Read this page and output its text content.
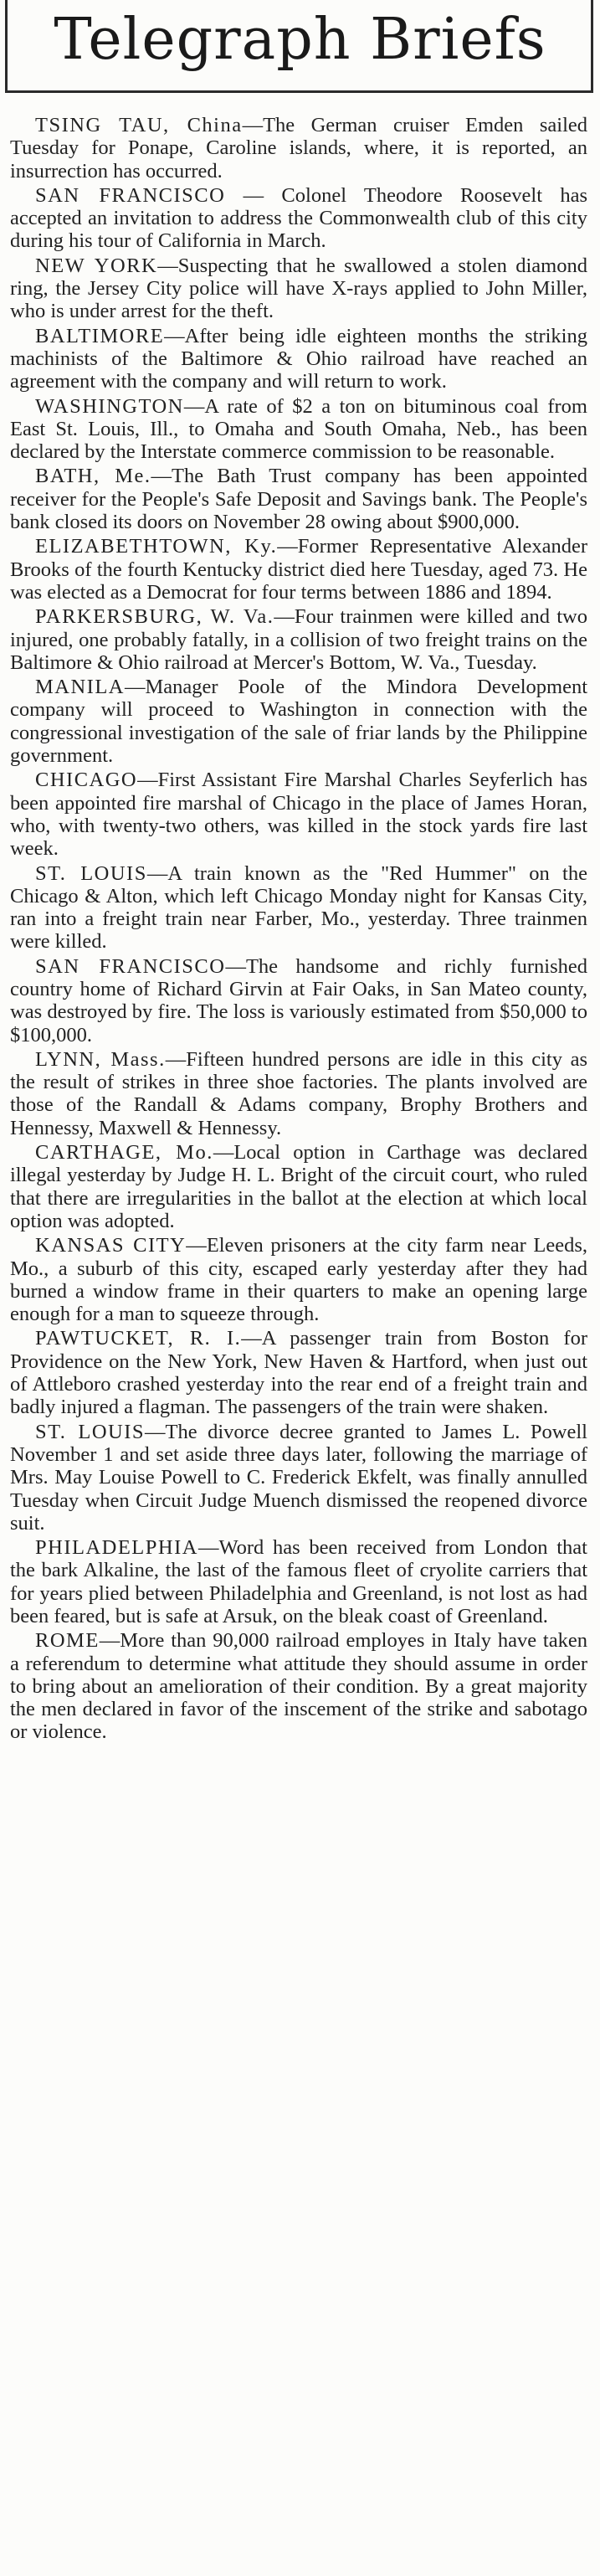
Telegraph Briefs

TSING TAU, China—The German cruiser Emden sailed Tuesday for Ponape, Caroline islands, where, it is reported, an insurrection has occurred.

SAN FRANCISCO — Colonel Theodore Roosevelt has accepted an invitation to address the Commonwealth club of this city during his tour of California in March.

NEW YORK—Suspecting that he swallowed a stolen diamond ring, the Jersey City police will have X-rays applied to John Miller, who is under arrest for the theft.

BALTIMORE—After being idle eighteen months the striking machinists of the Baltimore & Ohio railroad have reached an agreement with the company and will return to work.

WASHINGTON—A rate of $2 a ton on bituminous coal from East St. Louis, Ill., to Omaha and South Omaha, Neb., has been declared by the Interstate commerce commission to be reasonable.

BATH, Me.—The Bath Trust company has been appointed receiver for the People's Safe Deposit and Savings bank. The People's bank closed its doors on November 28 owing about $900,000.

ELIZABETHTOWN, Ky.—Former Representative Alexander Brooks of the fourth Kentucky district died here Tuesday, aged 73. He was elected as a Democrat for four terms between 1886 and 1894.

PARKERSBURG, W. Va.—Four trainmen were killed and two injured, one probably fatally, in a collision of two freight trains on the Baltimore & Ohio railroad at Mercer's Bottom, W. Va., Tuesday.

MANILA—Manager Poole of the Mindora Development company will proceed to Washington in connection with the congressional investigation of the sale of friar lands by the Philippine government.

CHICAGO—First Assistant Fire Marshal Charles Seyferlich has been appointed fire marshal of Chicago in the place of James Horan, who, with twenty-two others, was killed in the stock yards fire last week.

ST. LOUIS—A train known as the "Red Hummer" on the Chicago & Alton, which left Chicago Monday night for Kansas City, ran into a freight train near Farber, Mo., yesterday. Three trainmen were killed.

SAN FRANCISCO—The handsome and richly furnished country home of Richard Girvin at Fair Oaks, in San Mateo county, was destroyed by fire. The loss is variously estimated from $50,000 to $100,000.

LYNN, Mass.—Fifteen hundred persons are idle in this city as the result of strikes in three shoe factories. The plants involved are those of the Randall & Adams company, Brophy Brothers and Hennessy, Maxwell & Hennessy.

CARTHAGE, Mo.—Local option in Carthage was declared illegal yesterday by Judge H. L. Bright of the circuit court, who ruled that there are irregularities in the ballot at the election at which local option was adopted.

KANSAS CITY—Eleven prisoners at the city farm near Leeds, Mo., a suburb of this city, escaped early yesterday after they had burned a window frame in their quarters to make an opening large enough for a man to squeeze through.

PAWTUCKET, R. I.—A passenger train from Boston for Providence on the New York, New Haven & Hartford, when just out of Attleboro crashed yesterday into the rear end of a freight train and badly injured a flagman. The passengers of the train were shaken.

ST. LOUIS—The divorce decree granted to James L. Powell November 1 and set aside three days later, following the marriage of Mrs. May Louise Powell to C. Frederick Ekfelt, was finally annulled Tuesday when Circuit Judge Muench dismissed the reopened divorce suit.

PHILADELPHIA—Word has been received from London that the bark Alkaline, the last of the famous fleet of cryolite carriers that for years plied between Philadelphia and Greenland, is not lost as had been feared, but is safe at Arsuk, on the bleak coast of Greenland.

ROME—More than 90,000 railroad employes in Italy have taken a referendum to determine what attitude they should assume in order to bring about an amelioration of their condition. By a great majority the men declared in favor of the inscement of the strike and sabotago or violence.
